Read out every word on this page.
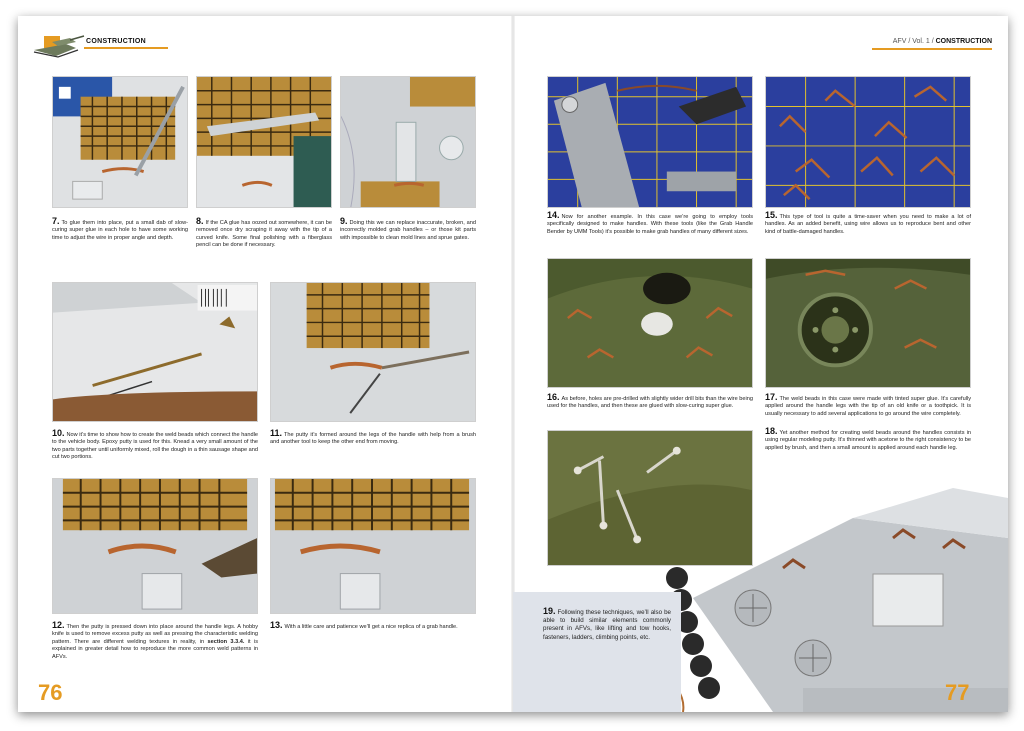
CONSTRUCTION
7. To glue them into place, put a small dab of slow-curing super glue in each hole to have some working time to adjust the wire in proper angle and depth.
8. If the CA glue has oozed out somewhere, it can be removed once dry scraping it away with the tip of a curved knife. Some final polishing with a fiberglass pencil can be done if necessary.
9. Doing this we can replace inaccurate, broken, and incorrectly molded grab handles – or those kit parts with impossible to clean mold lines and sprue gates.
10. Now it’s time to show how to create the weld beads which connect the handle to the vehicle body. Epoxy putty is used for this. Knead a very small amount of the two parts together until uniformly mixed, roll the dough in a thin sausage shape and cut two portions.
11. The putty it’s formed around the legs of the handle with help from a brush and another tool to keep the other end from moving.
12. Then the putty is pressed down into place around the handle legs. A hobby knife is used to remove excess putty as well as pressing the characteristic welding pattern. There are different welding textures in reality, in section 3.3.4. it is explained in greater detail how to reproduce the more common weld patterns in AFVs.
13. With a little care and patience we’ll get a nice replica of a grab handle.
76
AFV / Vol. 1 / CONSTRUCTION
14. Now for another example. In this case we’re going to employ tools specifically designed to make handles. With these tools (like the Grab Handle Bender by UMM Tools) it’s possible to make grab handles of many different sizes.
15. This type of tool is quite a time-saver when you need to make a lot of handles. As an added benefit, using wire allows us to reproduce bent and other kind of battle-damaged handles.
16. As before, holes are pre-drilled with slightly wider drill bits than the wire being used for the handles, and then these are glued with slow-curing super glue.
17. The weld beads in this case were made with tinted super glue. It’s carefully applied around the handle legs with the tip of an old knife or a toothpick. It is usually necessary to add several applications to go around the wire completely.
18. Yet another method for creating weld beads around the handles consists in using regular modeling putty. It’s thinned with acetone to the right consistency to be applied by brush, and then a small amount is applied around each handle leg.
19. Following these techniques, we’ll also be able to build similar elements commonly present in AFVs, like lifting and tow hooks, fasteners, ladders, climbing points, etc.
77
